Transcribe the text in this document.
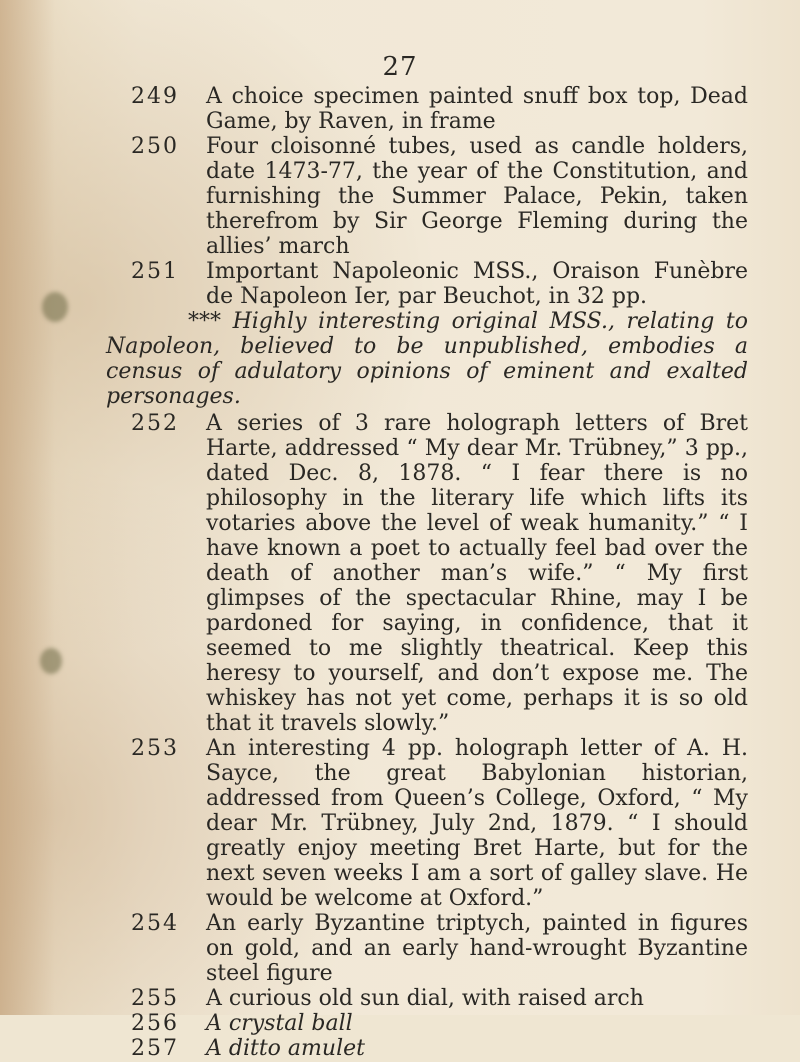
27
249	A choice specimen painted snuff box top, Dead Game, by Raven, in frame

250	Four cloisonné tubes, used as candle holders, date 1473-77, the year of the Constitution, and furnishing the Summer Palace, Pekin, taken therefrom by Sir George Fleming during the allies’ march

251	Important Napoleonic MSS., Oraison Funèbre de Napoleon Ier, par Beuchot, in 32 pp.

*** Highly interesting original MSS., relating to Napoleon, believed to be unpublished, embodies a census of adulatory opinions of eminent and exalted personages.

252	A series of 3 rare holograph letters of Bret Harte, addressed “ My dear Mr. Trübney,” 3 pp., dated Dec. 8, 1878. “ I fear there is no philosophy in the literary life which lifts its votaries above the level of weak humanity.” “ I have known a poet to actually feel bad over the death of another man’s wife.” “ My first glimpses of the spectacular Rhine, may I be pardoned for saying, in confidence, that it seemed to me slightly theatrical. Keep this heresy to yourself, and don’t expose me. The whiskey has not yet come, perhaps it is so old that it travels slowly.”

253	An interesting 4 pp. holograph letter of A. H. Sayce, the great Babylonian historian, addressed from Queen’s College, Oxford, “ My dear Mr. Trübney, July 2nd, 1879. “ I should greatly enjoy meeting Bret Harte, but for the next seven weeks I am a sort of galley slave. He would be welcome at Oxford.”

254	An early Byzantine triptych, painted in figures on gold, and an early hand-wrought Byzantine steel figure

255	A curious old sun dial, with raised arch

256	A crystal ball

257	A ditto amulet
